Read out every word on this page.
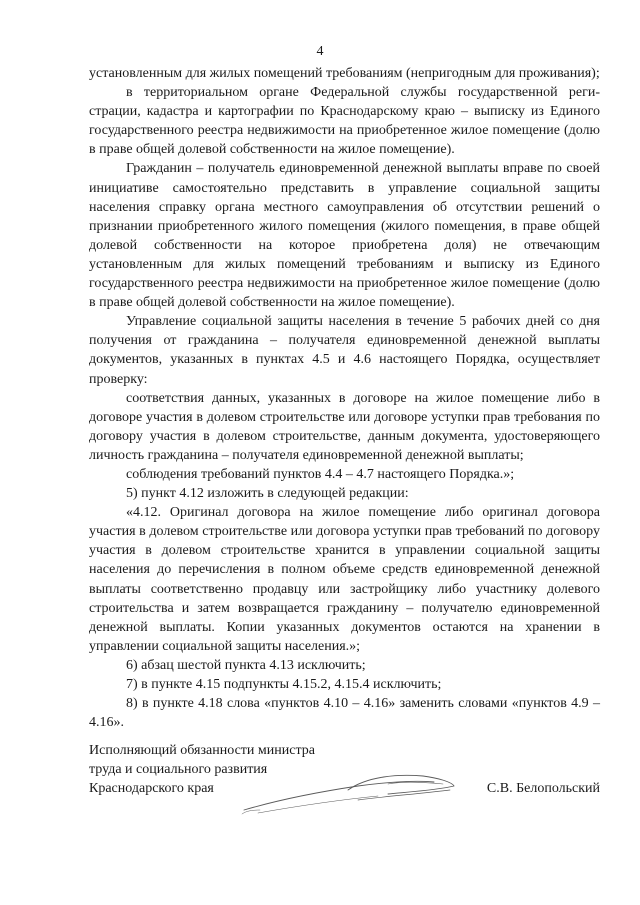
4

установленным для жилых помещений требованиям (непригодным для проживания);

в территориальном органе Федеральной службы государственной регистрации, кадастра и картографии по Краснодарскому краю – выписку из Единого государственного реестра недвижимости на приобретенное жилое помещение (долю в праве общей долевой собственности на жилое помещение).

Гражданин – получатель единовременной денежной выплаты вправе по своей инициативе самостоятельно представить в управление социальной защиты населения справку органа местного самоуправления об отсутствии решений о признании приобретенного жилого помещения (жилого помещения, в праве общей долевой собственности на которое приобретена доля) не отвечающим установленным для жилых помещений требованиям и выписку из Единого государственного реестра недвижимости на приобретенное жилое помещение (долю в праве общей долевой собственности на жилое помещение).

Управление социальной защиты населения в течение 5 рабочих дней со дня получения от гражданина – получателя единовременной денежной выплаты документов, указанных в пунктах 4.5 и 4.6 настоящего Порядка, осуществляет проверку:

соответствия данных, указанных в договоре на жилое помещение либо в договоре участия в долевом строительстве или договоре уступки прав требования по договору участия в долевом строительстве, данным документа, удостоверяющего личность гражданина – получателя единовременной денежной выплаты;

соблюдения требований пунктов 4.4 – 4.7 настоящего Порядка.»;

5) пункт 4.12 изложить в следующей редакции:

«4.12. Оригинал договора на жилое помещение либо оригинал договора участия в долевом строительстве или договора уступки прав требований по договору участия в долевом строительстве хранится в управлении социальной защиты населения до перечисления в полном объеме средств единовременной денежной выплаты соответственно продавцу или застройщику либо участнику долевого строительства и затем возвращается гражданину – получателю единовременной денежной выплаты. Копии указанных документов остаются на хранении в управлении социальной защиты населения.»;

6) абзац шестой пункта 4.13 исключить;

7) в пункте 4.15 подпункты 4.15.2, 4.15.4 исключить;

8) в пункте 4.18 слова «пунктов 4.10 – 4.16» заменить словами «пунктов 4.9 – 4.16».

Исполняющий обязанности министра
труда и социального развития
Краснодарского края	С.В. Белопольский
